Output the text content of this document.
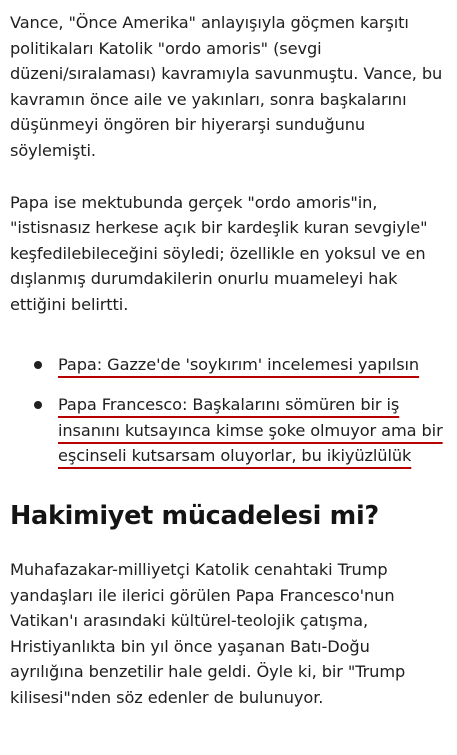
Vance, "Önce Amerika" anlayışıyla göçmen karşıtı politikaları Katolik "ordo amoris" (sevgi düzeni/sıralaması) kavramıyla savunmuştu. Vance, bu kavramın önce aile ve yakınları, sonra başkalarını düşünmeyi öngören bir hiyerarşi sunduğunu söylemişti.

Papa ise mektubunda gerçek "ordo amoris"in, "istisnasız herkese açık bir kardeşlik kuran sevgiyle" keşfedilebileceğini söyledi; özellikle en yoksul ve en dışlanmış durumdakilerin onurlu muameleyi hak ettiğini belirtti.

Papa: Gazze'de 'soykırım' incelemesi yapılsın
Papa Francesco: Başkalarını sömüren bir iş insanını kutsayınca kimse şoke olmuyor ama bir eşcinseli kutsarsam oluyorlar, bu ikiyüzlülük
Hakimiyet mücadelesi mi?

Muhafazakar-milliyetçi Katolik cenahtaki Trump yandaşları ile ilerici görülen Papa Francesco'nun Vatikan'ı arasındaki kültürel-teolojik çatışma, Hristiyanlıkta bin yıl önce yaşanan Batı-Doğu ayrılığına benzetilir hale geldi. Öyle ki, bir "Trump kilisesi"nden söz edenler de bulunuyor.
